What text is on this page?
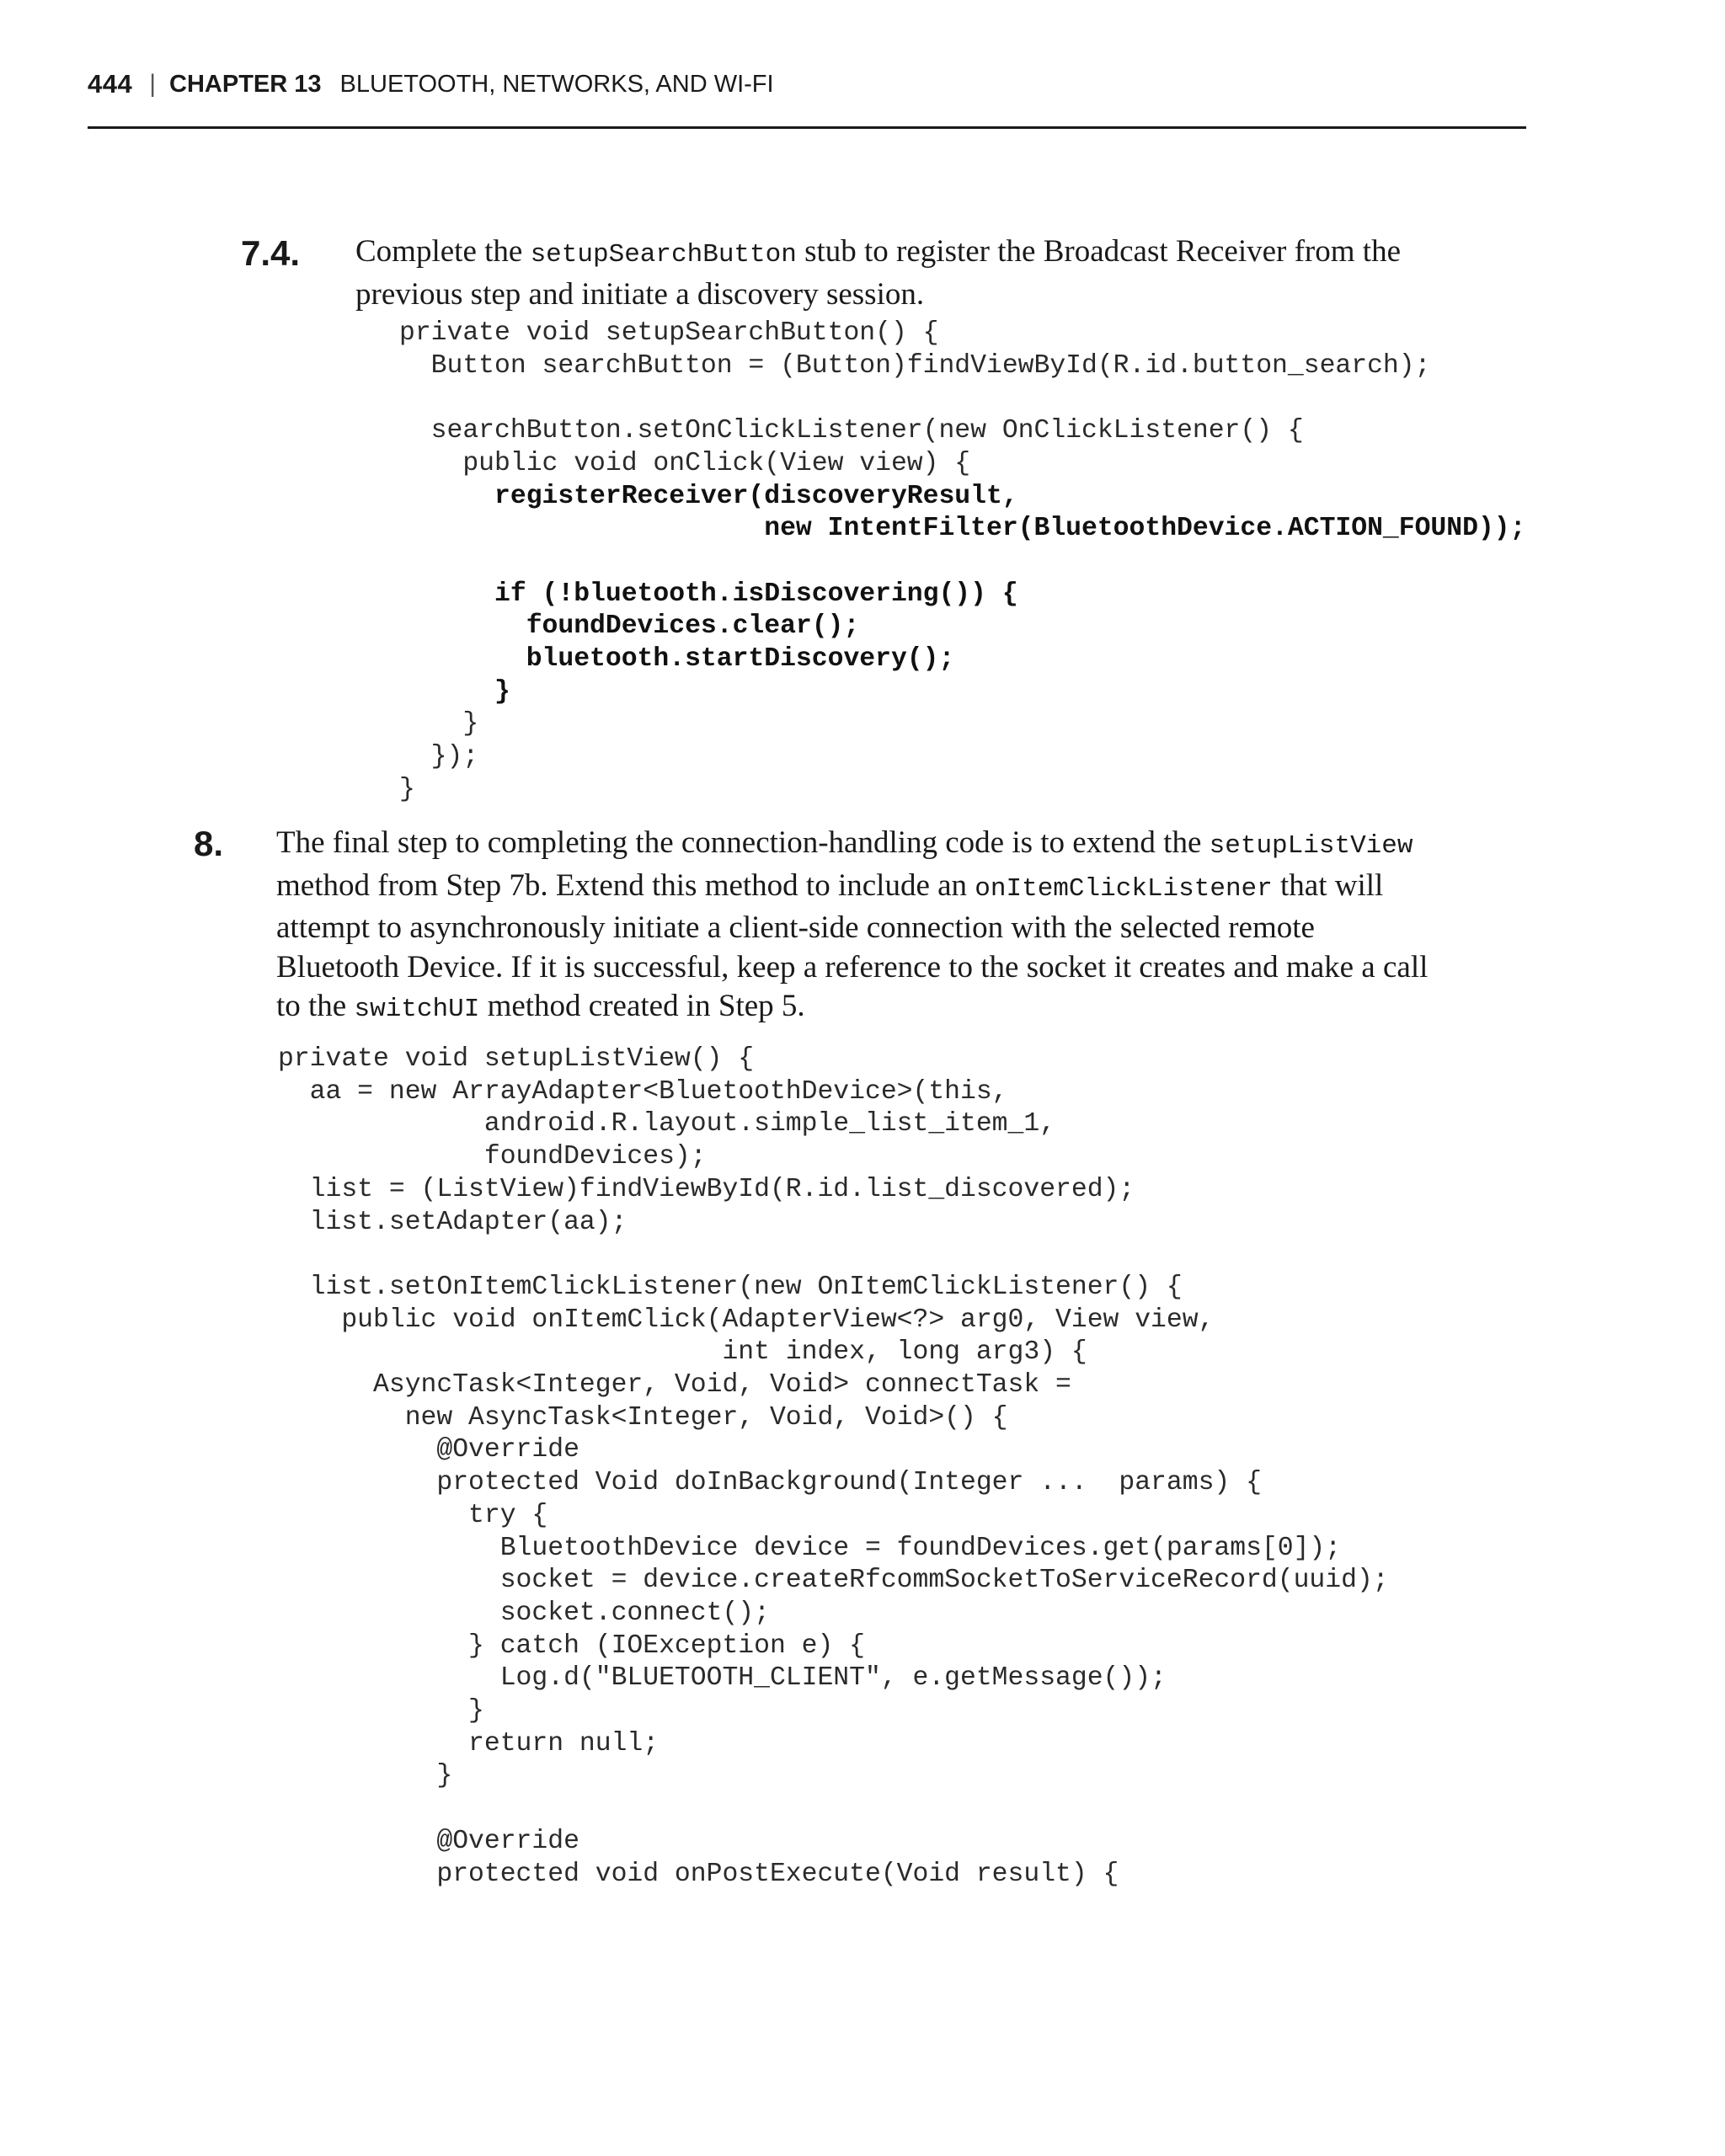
444 | CHAPTER 13 BLUETOOTH, NETWORKS, AND WI-FI
7.4. Complete the setupSearchButton stub to register the Broadcast Receiver from the
previous step and initiate a discovery session.
private void setupSearchButton() {
Button searchButton = (Button)findViewById(R.id.button_search);

searchButton.setOnClickListener(new OnClickListener() {
public void onClick(View view) {
registerReceiver(discoveryResult,
new IntentFilter(BluetoothDevice.ACTION_FOUND));

if (!bluetooth.isDiscovering()) {
foundDevices.clear();
bluetooth.startDiscovery();
}
}
});
}
8. The final step to completing the connection-handling code is to extend the setupListView
method from Step 7b. Extend this method to include an onItemClickListener that will
attempt to asynchronously initiate a client-side connection with the selected remote
Bluetooth Device. If it is successful, keep a reference to the socket it creates and make a call
to the switchUI method created in Step 5.
private void setupListView() {
aa = new ArrayAdapter<BluetoothDevice>(this,
android.R.layout.simple_list_item_1,
foundDevices);
list = (ListView)findViewById(R.id.list_discovered);
list.setAdapter(aa);

list.setOnItemClickListener(new OnItemClickListener() {
public void onItemClick(AdapterView<?> arg0, View view,
int index, long arg3) {
AsyncTask<Integer, Void, Void> connectTask =
new AsyncTask<Integer, Void, Void>() {
@Override
protected Void doInBackground(Integer ...  params) {
try {
BluetoothDevice device = foundDevices.get(params[0]);
socket = device.createRfcommSocketToServiceRecord(uuid);
socket.connect();
} catch (IOException e) {
Log.d("BLUETOOTH_CLIENT", e.getMessage());
}
return null;
}

@Override
protected void onPostExecute(Void result) {
